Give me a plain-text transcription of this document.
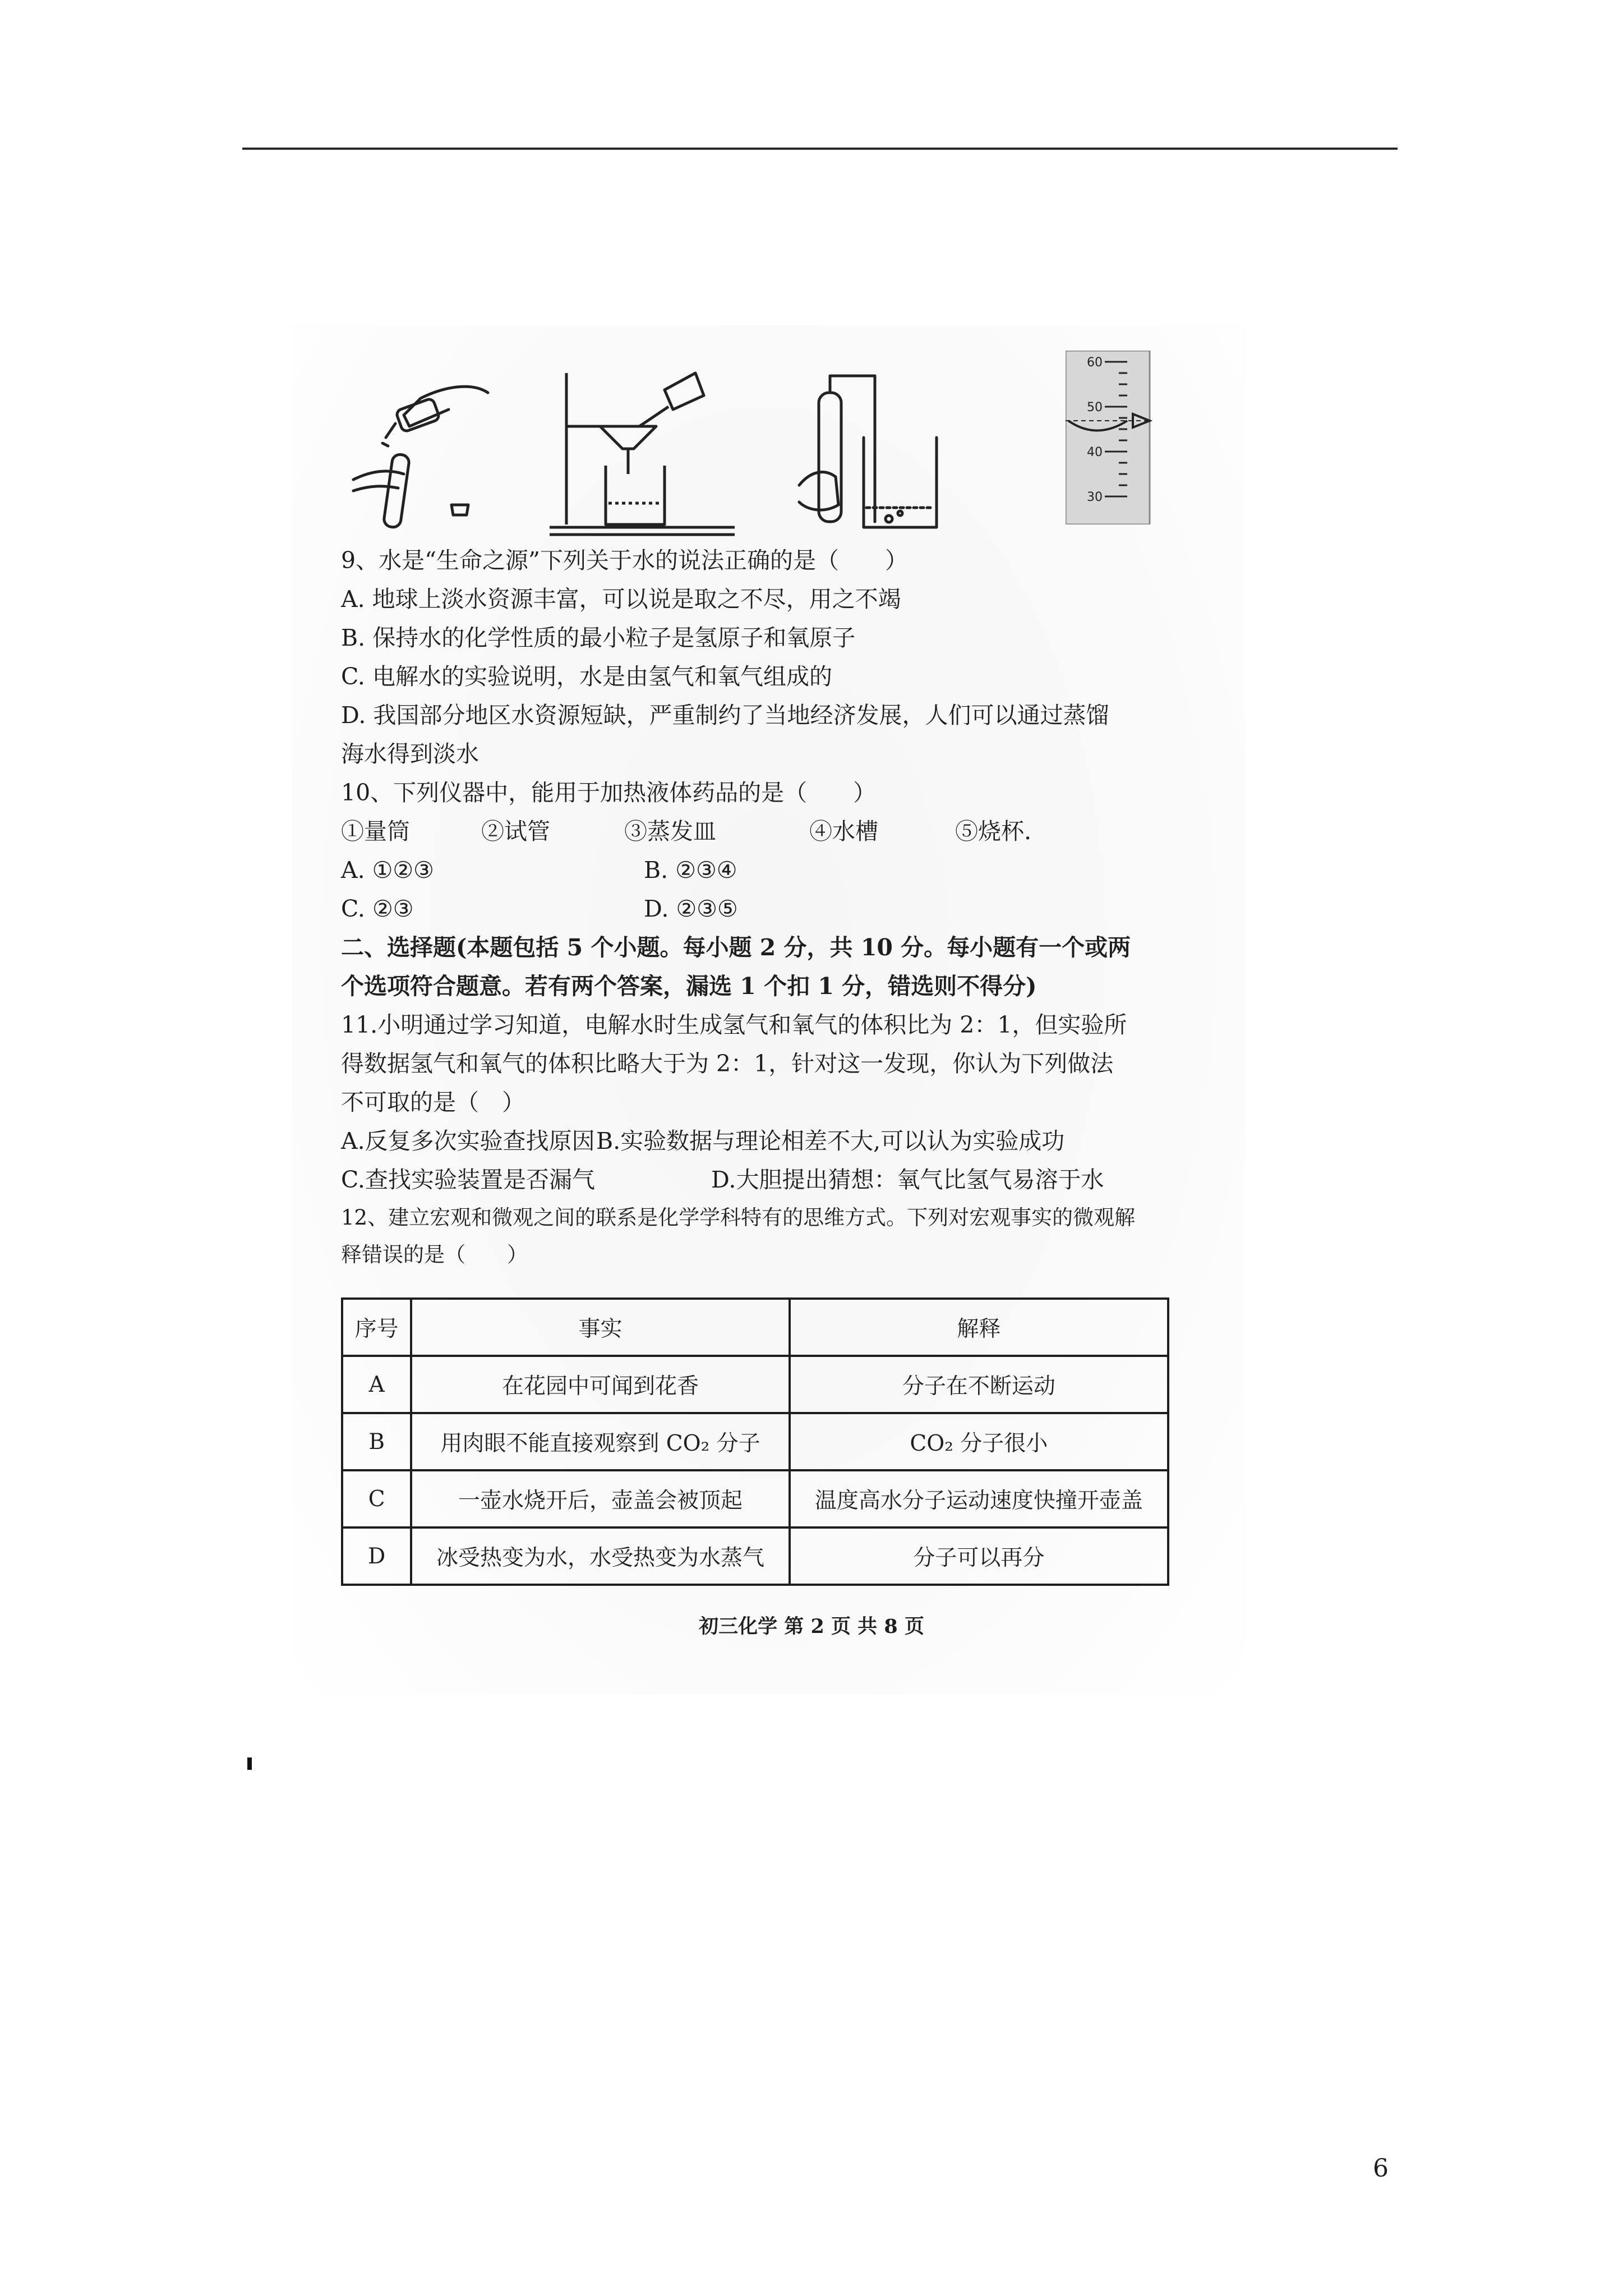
60
50
40
30
9、水是“生命之源”下列关于水的说法正确的是（　　）
A. 地球上淡水资源丰富，可以说是取之不尽，用之不竭
B. 保持水的化学性质的最小粒子是氢原子和氧原子
C. 电解水的实验说明，水是由氢气和氧气组成的
D. 我国部分地区水资源短缺，严重制约了当地经济发展，人们可以通过蒸馏
海水得到淡水
10、下列仪器中，能用于加热液体药品的是（　　）
①量筒	②试管	③蒸发皿	④水槽	⑤烧杯.
A. ①②③	B. ②③④
C. ②③	D. ②③⑤
二、选择题(本题包括 5 个小题。每小题 2 分，共 10 分。每小题有一个或两
个选项符合题意。若有两个答案，漏选 1 个扣 1 分，错选则不得分)
11.小明通过学习知道，电解水时生成氢气和氧气的体积比为 2：1，但实验所
得数据氢气和氧气的体积比略大于为 2：1，针对这一发现，你认为下列做法
不可取的是（　）
A.反复多次实验查找原因 B.实验数据与理论相差不大,可以认为实验成功
C.查找实验装置是否漏气	D.大胆提出猜想：氧气比氢气易溶于水
12、建立宏观和微观之间的联系是化学学科特有的思维方式。下列对宏观事实的微观解
释错误的是（　　）
序号	事实	解释
A	在花园中可闻到花香	分子在不断运动
B	用肉眼不能直接观察到 CO₂ 分子	CO₂ 分子很小
C	一壶水烧开后，壶盖会被顶起	温度高水分子运动速度快撞开壶盖
D	冰受热变为水，水受热变为水蒸气	分子可以再分
初三化学 第 2 页 共 8 页
6
